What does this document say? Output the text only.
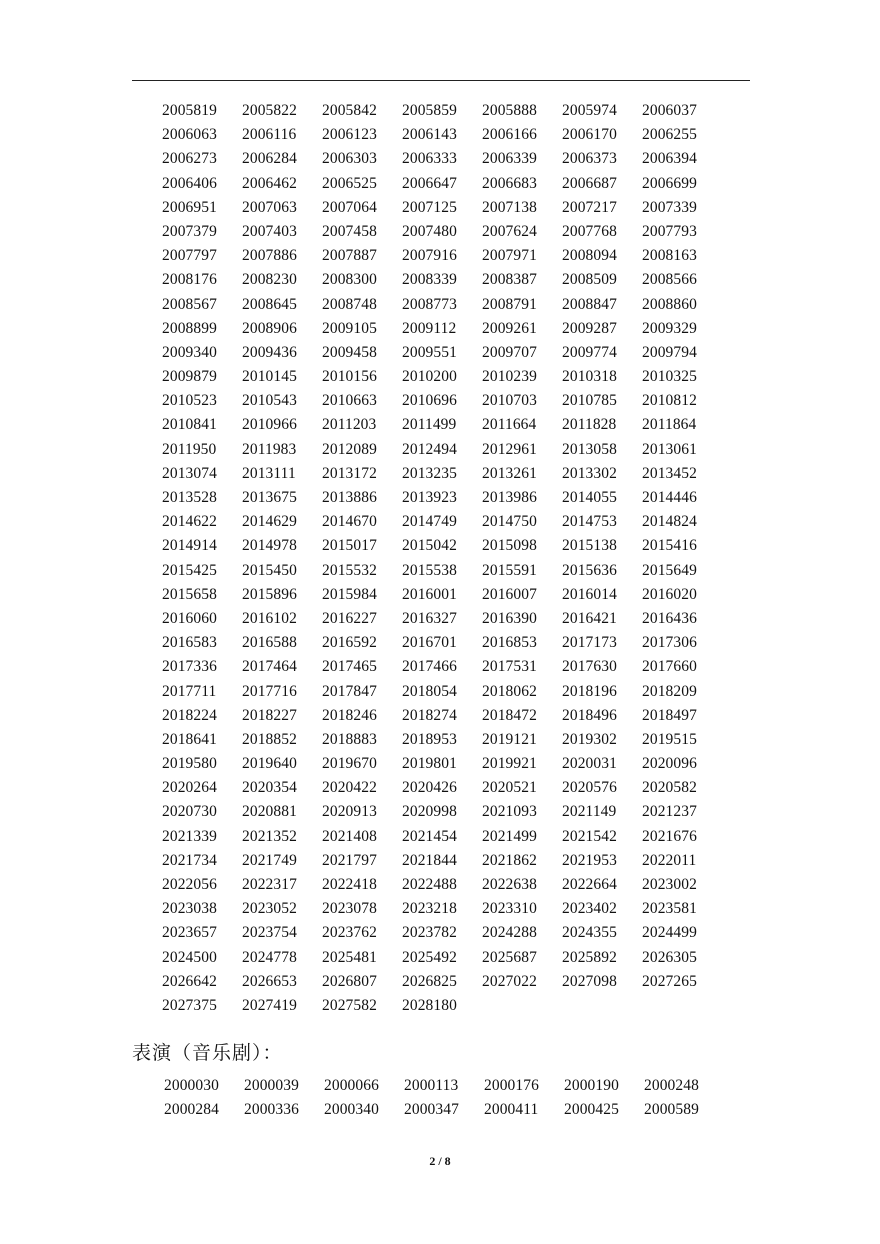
2005819	2005822	2005842	2005859	2005888	2005974	2006037
2006063	2006116	2006123	2006143	2006166	2006170	2006255
2006273	2006284	2006303	2006333	2006339	2006373	2006394
2006406	2006462	2006525	2006647	2006683	2006687	2006699
2006951	2007063	2007064	2007125	2007138	2007217	2007339
2007379	2007403	2007458	2007480	2007624	2007768	2007793
2007797	2007886	2007887	2007916	2007971	2008094	2008163
2008176	2008230	2008300	2008339	2008387	2008509	2008566
2008567	2008645	2008748	2008773	2008791	2008847	2008860
2008899	2008906	2009105	2009112	2009261	2009287	2009329
2009340	2009436	2009458	2009551	2009707	2009774	2009794
2009879	2010145	2010156	2010200	2010239	2010318	2010325
2010523	2010543	2010663	2010696	2010703	2010785	2010812
2010841	2010966	2011203	2011499	2011664	2011828	2011864
2011950	2011983	2012089	2012494	2012961	2013058	2013061
2013074	2013111	2013172	2013235	2013261	2013302	2013452
2013528	2013675	2013886	2013923	2013986	2014055	2014446
2014622	2014629	2014670	2014749	2014750	2014753	2014824
2014914	2014978	2015017	2015042	2015098	2015138	2015416
2015425	2015450	2015532	2015538	2015591	2015636	2015649
2015658	2015896	2015984	2016001	2016007	2016014	2016020
2016060	2016102	2016227	2016327	2016390	2016421	2016436
2016583	2016588	2016592	2016701	2016853	2017173	2017306
2017336	2017464	2017465	2017466	2017531	2017630	2017660
2017711	2017716	2017847	2018054	2018062	2018196	2018209
2018224	2018227	2018246	2018274	2018472	2018496	2018497
2018641	2018852	2018883	2018953	2019121	2019302	2019515
2019580	2019640	2019670	2019801	2019921	2020031	2020096
2020264	2020354	2020422	2020426	2020521	2020576	2020582
2020730	2020881	2020913	2020998	2021093	2021149	2021237
2021339	2021352	2021408	2021454	2021499	2021542	2021676
2021734	2021749	2021797	2021844	2021862	2021953	2022011
2022056	2022317	2022418	2022488	2022638	2022664	2023002
2023038	2023052	2023078	2023218	2023310	2023402	2023581
2023657	2023754	2023762	2023782	2024288	2024355	2024499
2024500	2024778	2025481	2025492	2025687	2025892	2026305
2026642	2026653	2026807	2026825	2027022	2027098	2027265
2027375	2027419	2027582	2028180
表演（音乐剧）：
2000030	2000039	2000066	2000113	2000176	2000190	2000248
2000284	2000336	2000340	2000347	2000411	2000425	2000589
2 / 8
